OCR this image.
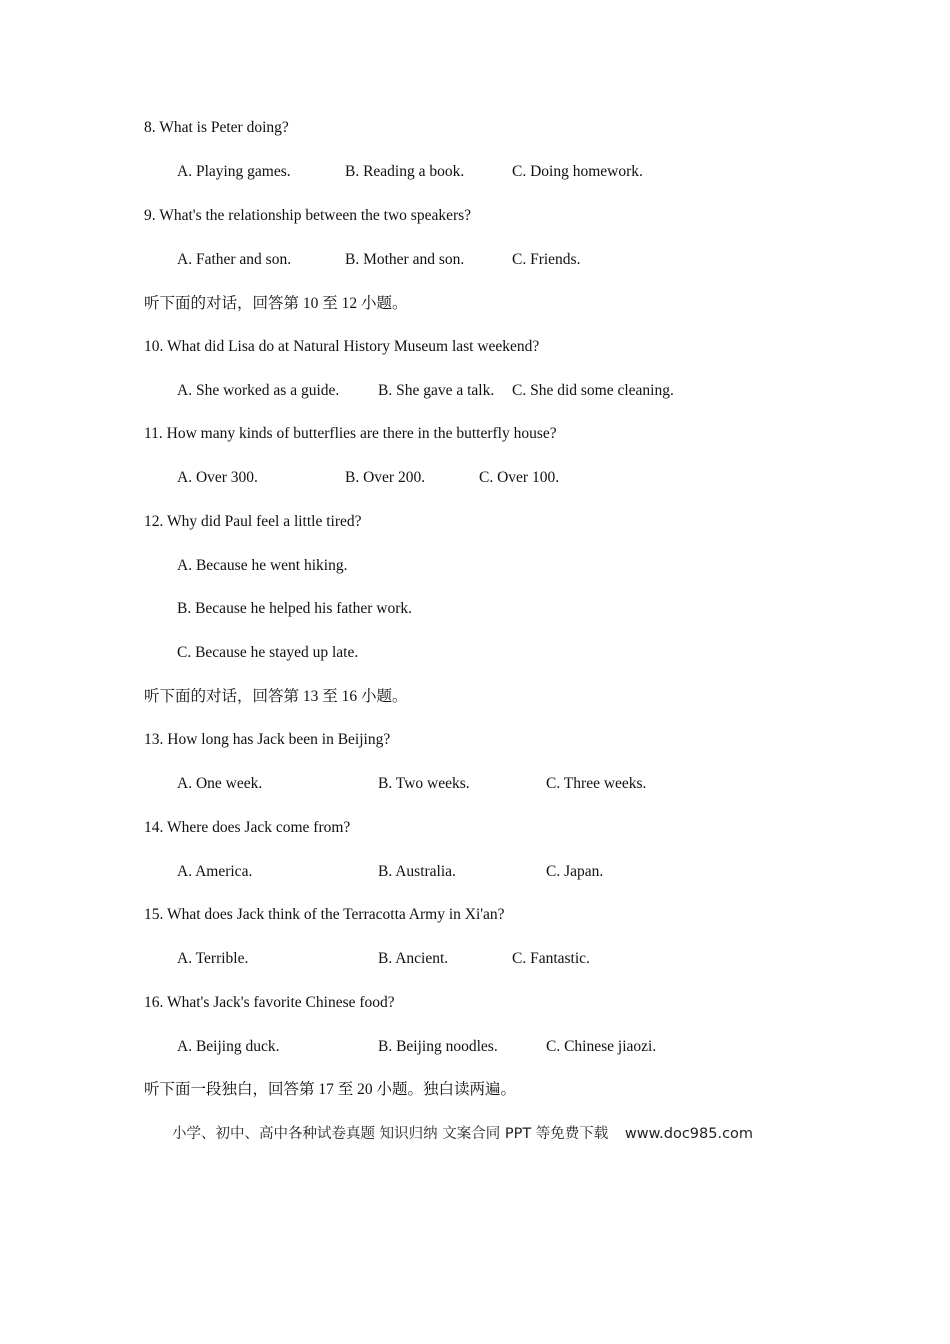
8. What is Peter doing?
A. Playing games.	B. Reading a book.	C. Doing homework.
9. What's the relationship between the two speakers?
A. Father and son.	B. Mother and son.	C. Friends.
听下面的对话，回答第 10 至 12 小题。
10. What did Lisa do at Natural History Museum last weekend?
A. She worked as a guide. B. She gave a talk. C. She did some cleaning.
11. How many kinds of butterflies are there in the butterfly house?
A. Over 300.	B. Over 200.	C. Over 100.
12. Why did Paul feel a little tired?
A. Because he went hiking.
B. Because he helped his father work.
C. Because he stayed up late.
听下面的对话，回答第 13 至 16 小题。
13. How long has Jack been in Beijing?
A. One week.	B. Two weeks.	C. Three weeks.
14. Where does Jack come from?
A. America.	B. Australia.	C. Japan.
15. What does Jack think of the Terracotta Army in Xi'an?
A. Terrible.	B. Ancient.	C. Fantastic.
16. What's Jack's favorite Chinese food?
A. Beijing duck.	B. Beijing noodles.	C. Chinese jiaozi.
听下面一段独白，回答第 17 至 20 小题。独白读两遍。
小学、初中、高中各种试卷真题 知识归纳 文案合同 PPT 等免费下载 www.doc985.com
